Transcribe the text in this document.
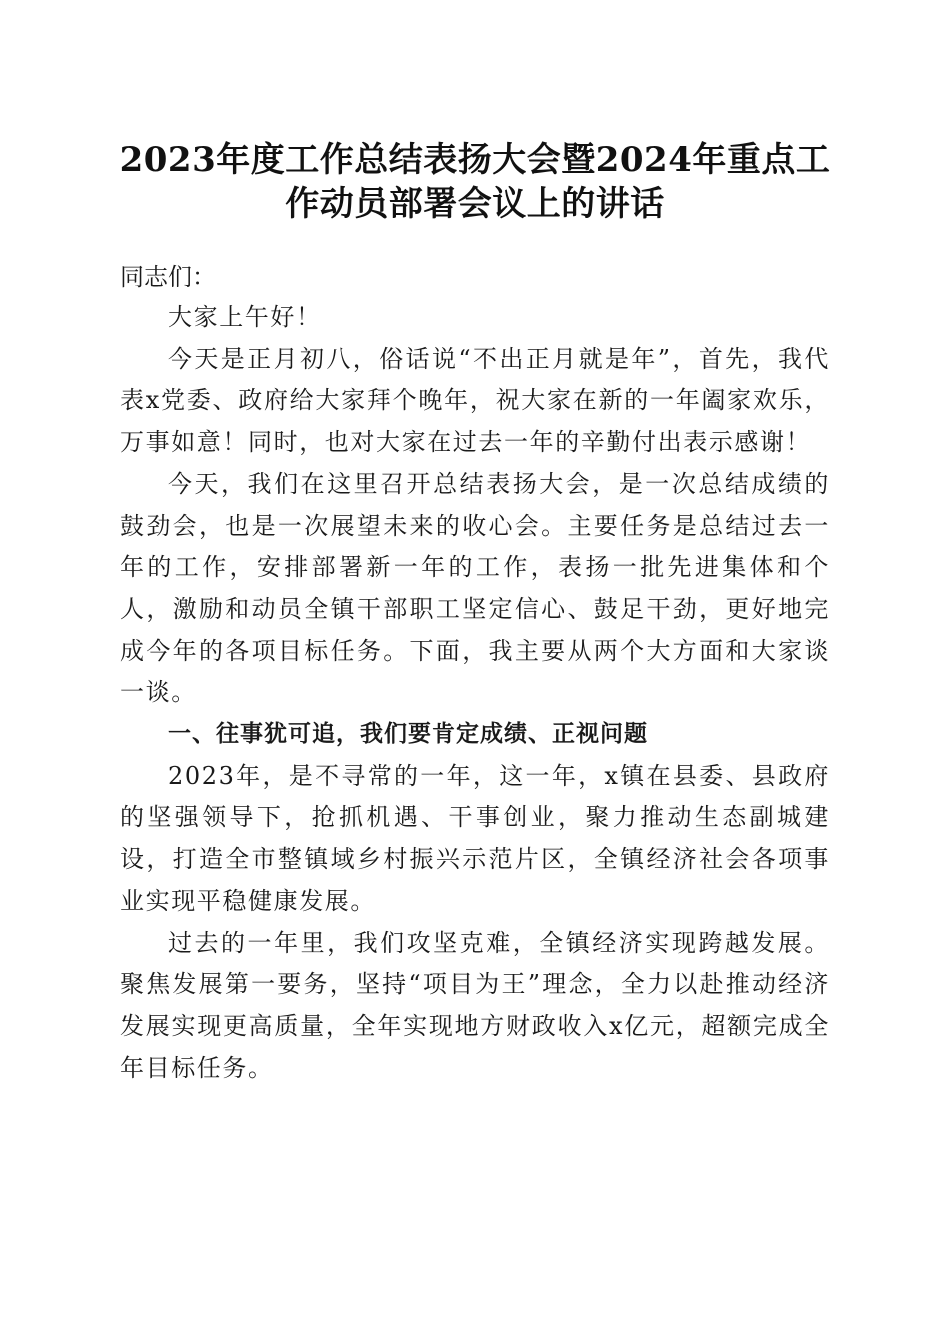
2023年度工作总结表扬大会暨2024年重点工
作动员部署会议上的讲话

同志们：

大家上午好！

今天是正月初八，俗话说“不出正月就是年”，首先，我代表x党委、政府给大家拜个晚年，祝大家在新的一年阖家欢乐，万事如意！同时，也对大家在过去一年的辛勤付出表示感谢！

今天，我们在这里召开总结表扬大会，是一次总结成绩的鼓劲会，也是一次展望未来的收心会。主要任务是总结过去一年的工作，安排部署新一年的工作，表扬一批先进集体和个人，激励和动员全镇干部职工坚定信心、鼓足干劲，更好地完成今年的各项目标任务。下面，我主要从两个大方面和大家谈一谈。

一、往事犹可追，我们要肯定成绩、正视问题

2023年，是不寻常的一年，这一年，x镇在县委、县政府的坚强领导下，抢抓机遇、干事创业，聚力推动生态副城建设，打造全市整镇域乡村振兴示范片区，全镇经济社会各项事业实现平稳健康发展。

过去的一年里，我们攻坚克难，全镇经济实现跨越发展。聚焦发展第一要务，坚持“项目为王”理念，全力以赴推动经济发展实现更高质量，全年实现地方财政收入x亿元，超额完成全年目标任务。
